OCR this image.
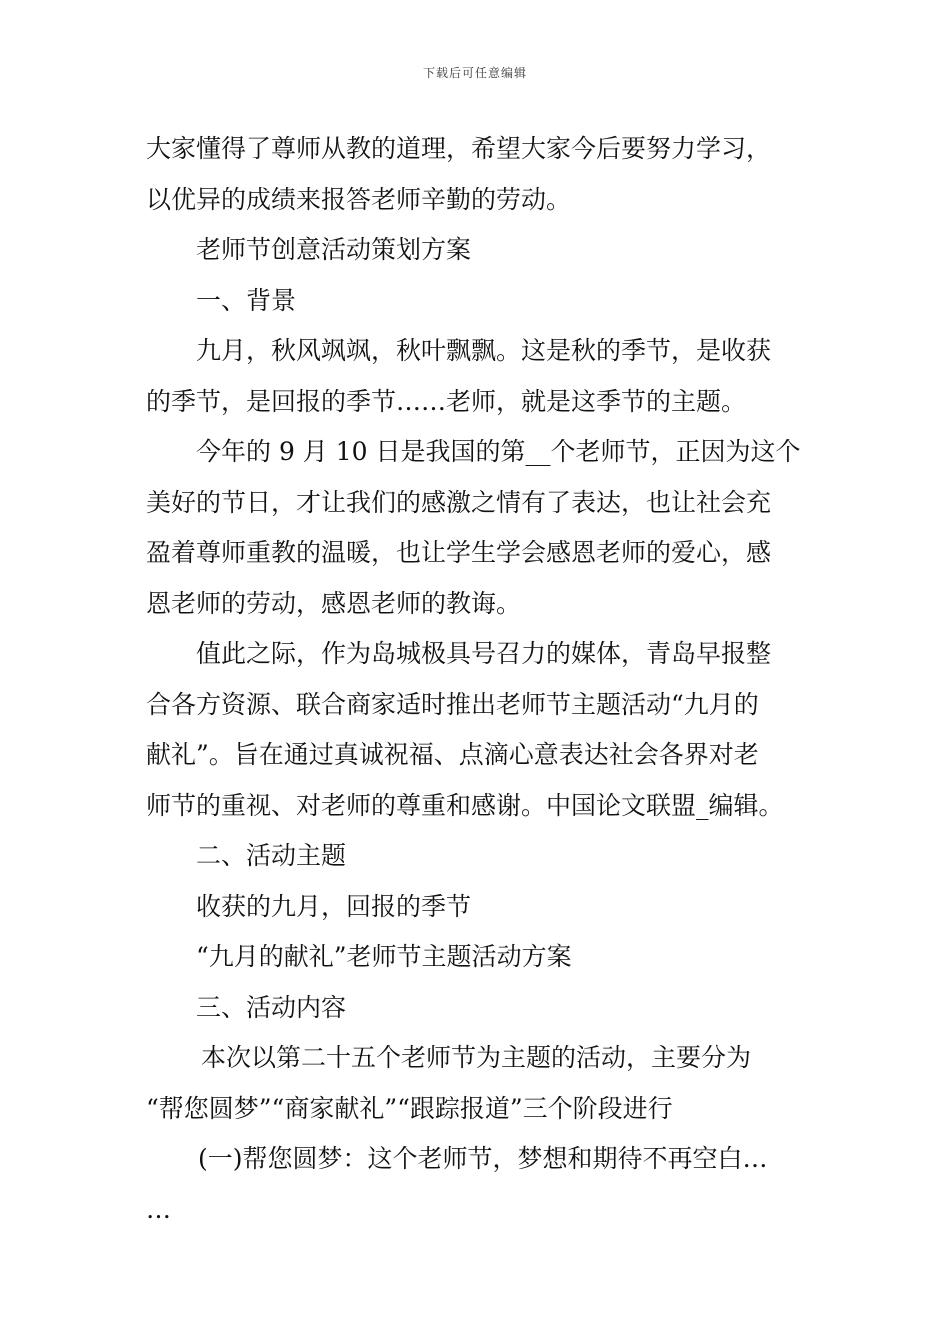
下载后可任意编辑
大家懂得了尊师从教的道理，希望大家今后要努力学习，
以优异的成绩来报答老师辛勤的劳动。
老师节创意活动策划方案
一、背景
九月，秋风飒飒，秋叶飘飘。这是秋的季节，是收获
的季节，是回报的季节……老师，就是这季节的主题。
今年的 9 月 10 日是我国的第__个老师节，正因为这个
美好的节日，才让我们的感激之情有了表达，也让社会充
盈着尊师重教的温暖，也让学生学会感恩老师的爱心，感
恩老师的劳动，感恩老师的教诲。
值此之际，作为岛城极具号召力的媒体，青岛早报整
合各方资源、联合商家适时推出老师节主题活动“九月的
献礼”。旨在通过真诚祝福、点滴心意表达社会各界对老
师节的重视、对老师的尊重和感谢。中国论文联盟_编辑。
二、活动主题
收获的九月，回报的季节
“九月的献礼”老师节主题活动方案
三、活动内容
本次以第二十五个老师节为主题的活动，主要分为
“帮您圆梦”“商家献礼”“跟踪报道”三个阶段进行
(一)帮您圆梦：这个老师节，梦想和期待不再空白…
…
